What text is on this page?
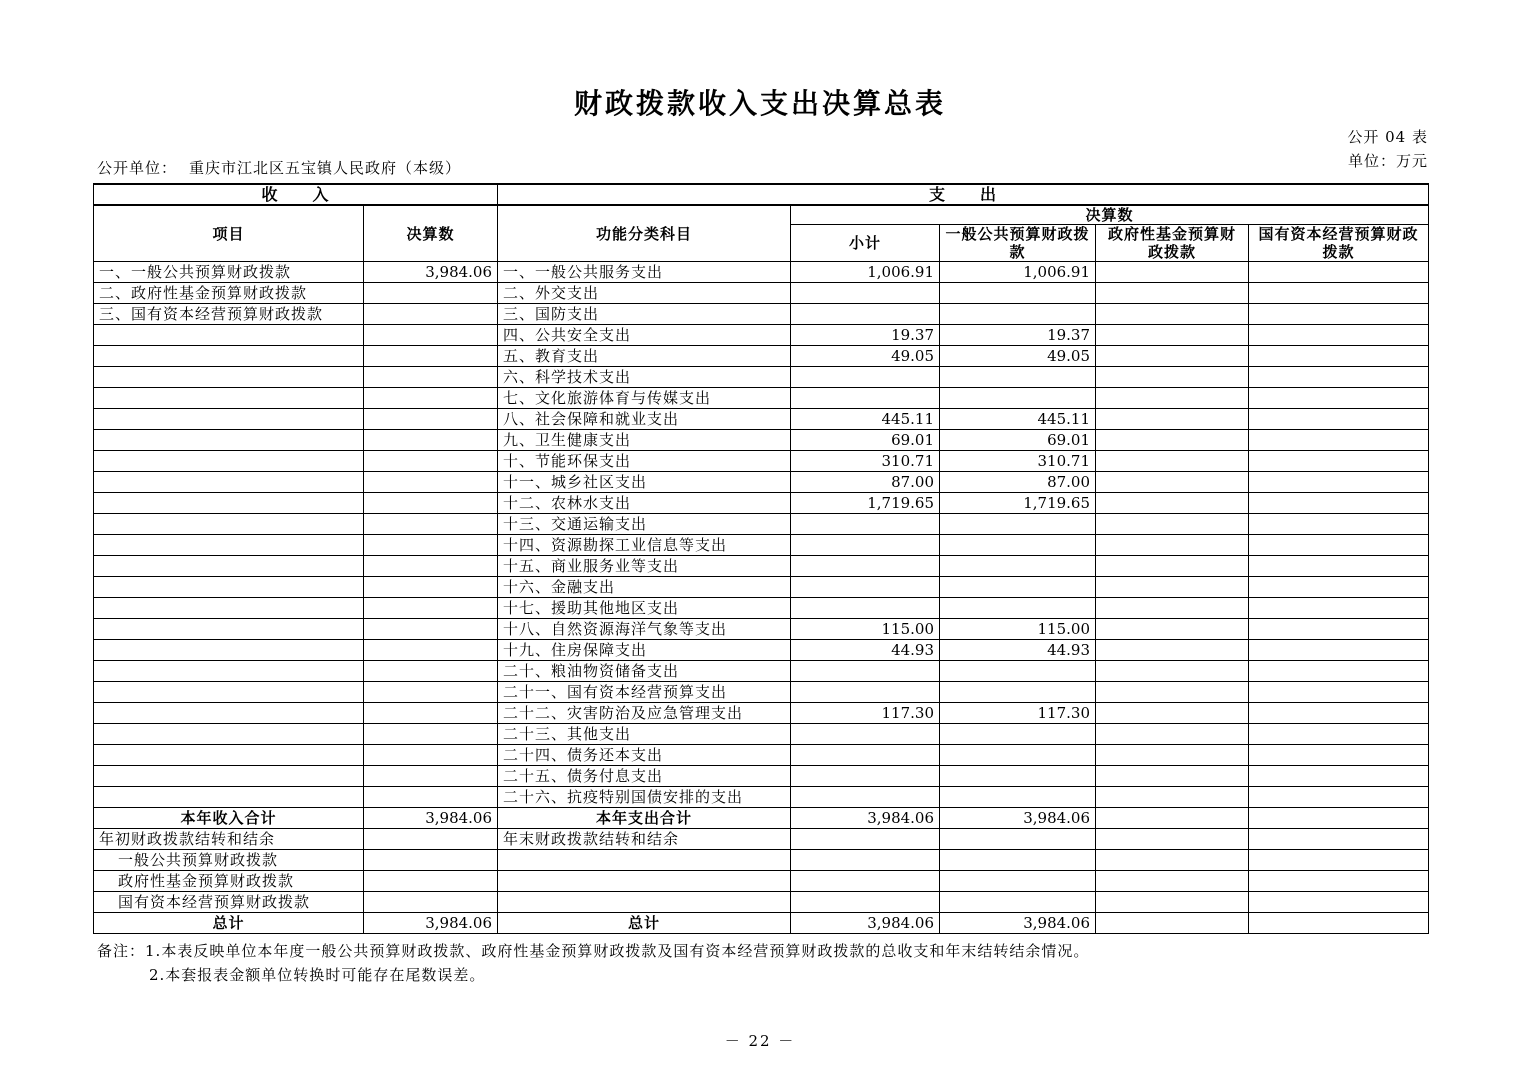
财政拨款收入支出决算总表
公开 04 表
单位：万元
公开单位： 重庆市江北区五宝镇人民政府（本级）
收　　入		支　　出				
项目	决算数	功能分类科目	决算数			
			小计	一般公共预算财政拨款	政府性基金预算财政拨款	国有资本经营预算财政拨款
一、一般公共预算财政拨款	3,984.06	一、一般公共服务支出	1,006.91	1,006.91		
二、政府性基金预算财政拨款		二、外交支出				
三、国有资本经营预算财政拨款		三、国防支出				
		四、公共安全支出	19.37	19.37		
		五、教育支出	49.05	49.05		
		六、科学技术支出				
		七、文化旅游体育与传媒支出				
		八、社会保障和就业支出	445.11	445.11		
		九、卫生健康支出	69.01	69.01		
		十、节能环保支出	310.71	310.71		
		十一、城乡社区支出	87.00	87.00		
		十二、农林水支出	1,719.65	1,719.65		
		十三、交通运输支出				
		十四、资源勘探工业信息等支出				
		十五、商业服务业等支出				
		十六、金融支出				
		十七、援助其他地区支出				
		十八、自然资源海洋气象等支出	115.00	115.00		
		十九、住房保障支出	44.93	44.93		
		二十、粮油物资储备支出				
		二十一、国有资本经营预算支出				
		二十二、灾害防治及应急管理支出	117.30	117.30		
		二十三、其他支出				
		二十四、债务还本支出				
		二十五、债务付息支出				
		二十六、抗疫特别国债安排的支出				
本年收入合计	3,984.06	本年支出合计	3,984.06	3,984.06		
年初财政拨款结转和结余		年末财政拨款结转和结余				
一般公共预算财政拨款						
政府性基金预算财政拨款						
国有资本经营预算财政拨款						
总计	3,984.06	总计	3,984.06	3,984.06		
备注：1.本表反映单位本年度一般公共预算财政拨款、政府性基金预算财政拨款及国有资本经营预算财政拨款的总收支和年末结转结余情况。
2.本套报表金额单位转换时可能存在尾数误差。
－ 22 －
